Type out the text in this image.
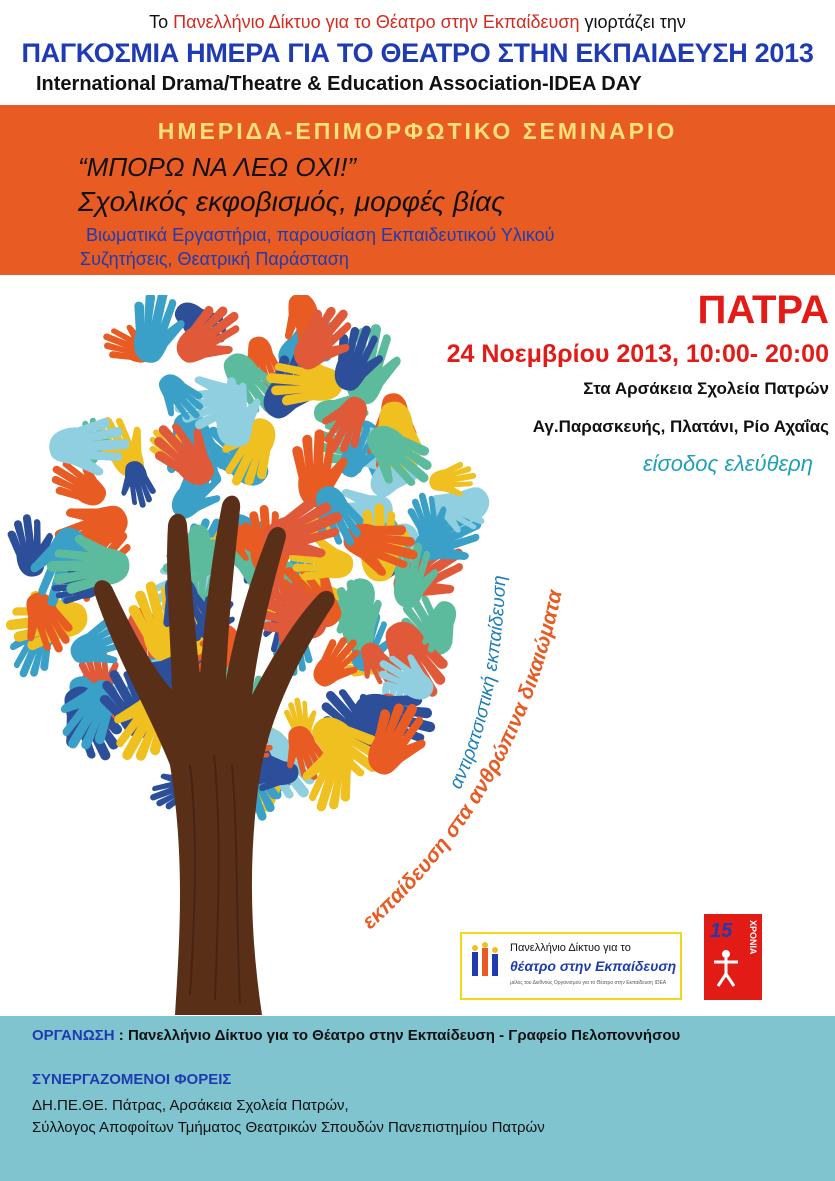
Το Πανελλήνιο Δίκτυο για το Θέατρο στην Εκπαίδευση γιορτάζει την
ΠΑΓΚΟΣΜΙΑ ΗΜΕΡΑ ΓΙΑ ΤΟ ΘΕΑΤΡΟ ΣΤΗΝ ΕΚΠΑΙΔΕΥΣΗ 2013
International Drama/Theatre & Education Association-IDEA DAY
ΗΜΕΡΙΔΑ-ΕΠΙΜΟΡΦΩΤΙΚΟ ΣΕΜΙΝΑΡΙΟ
“ΜΠΟΡΩ ΝΑ ΛΕΩ ΟΧΙ!”
Σχολικός εκφοβισμός, μορφές βίας
Βιωματικά Εργαστήρια, παρουσίαση Εκπαιδευτικού Υλικού
Συζητήσεις, Θεατρική Παράσταση
αντιρατσιστική εκπαίδευση
εκπαίδευση στα ανθρώπινα δικαιώματα
ΠΑΤΡΑ
24 Νοεμβρίου 2013, 10:00- 20:00
Στα Αρσάκεια Σχολεία Πατρών
Αγ.Παρασκευής, Πλατάνι, Ρίο Αχαΐας
είσοδος ελεύθερη
Πανελλήνιο Δίκτυο για το
θέατρο στην Εκπαίδευση
μέλος του Διεθνούς Οργανισμού για το Θέατρο στην Εκπαίδευση IDEA
15	ΧΡΟΝΙΑ
ΟΡΓΑΝΩΣΗ : Πανελλήνιο Δίκτυο για το Θέατρο στην Εκπαίδευση - Γραφείο Πελοποννήσου
ΣΥΝΕΡΓΑΖΟΜΕΝΟΙ ΦΟΡΕΙΣ
ΔΗ.ΠΕ.ΘΕ. Πάτρας, Αρσάκεια Σχολεία Πατρών,
Σύλλογος Αποφοίτων Τμήματος Θεατρικών Σπουδών Πανεπιστημίου Πατρών
